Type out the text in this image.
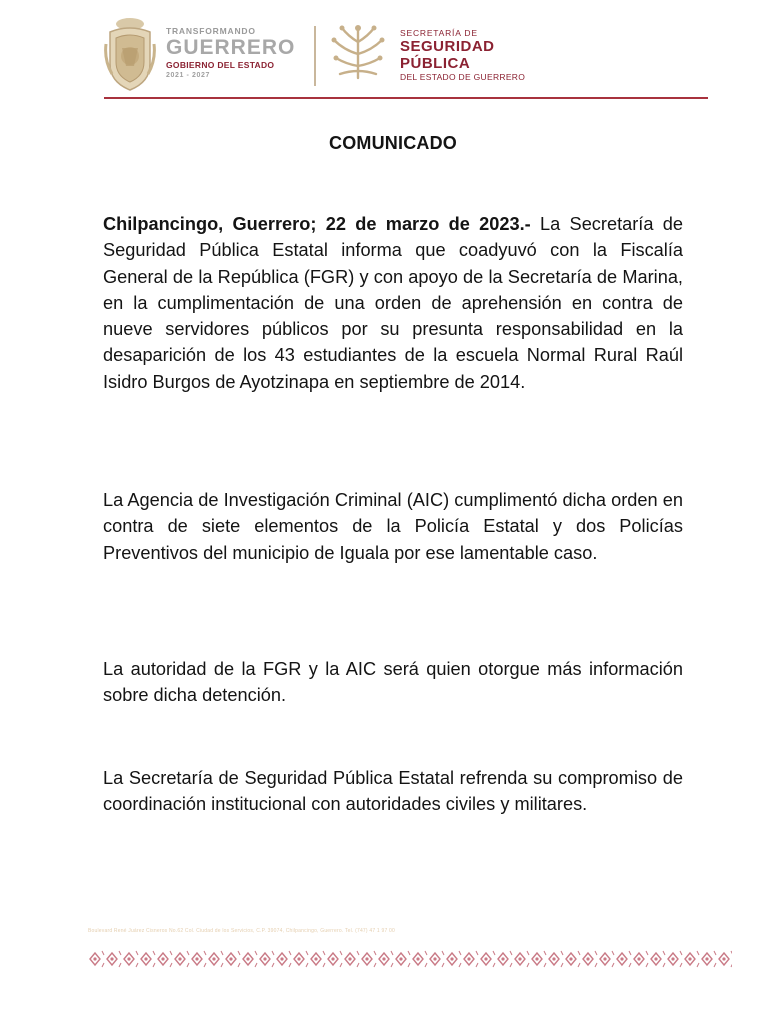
TRANSFORMANDO
GUERRERO
GOBIERNO DEL ESTADO
2021 - 2027
SECRETARÍA DE
SEGURIDAD
PÚBLICA
DEL ESTADO DE GUERRERO
COMUNICADO

Chilpancingo, Guerrero; 22 de marzo de 2023.- La Secretaría de Seguridad Pública Estatal informa que coadyuvó con la Fiscalía General de la República (FGR) y con apoyo de la Secretaría de Marina, en la cumplimentación de una orden de aprehensión en contra de nueve servidores públicos por su presunta responsabilidad en la desaparición de los 43 estudiantes de la escuela Normal Rural Raúl Isidro Burgos de Ayotzinapa en septiembre de 2014.

La Agencia de Investigación Criminal (AIC) cumplimentó dicha orden en contra de siete elementos de la Policía Estatal y dos Policías Preventivos del municipio de Iguala por ese lamentable caso.

La autoridad de la FGR y la AIC será quien otorgue más información sobre dicha detención.

La Secretaría de Seguridad Pública Estatal refrenda su compromiso de coordinación institucional con autoridades civiles y militares.

Boulevard René Juárez Cisneros No.62 Col. Ciudad de los Servicios, C.P. 39074, Chilpancingo, Guerrero. Tel. (747) 47 1 97 00
